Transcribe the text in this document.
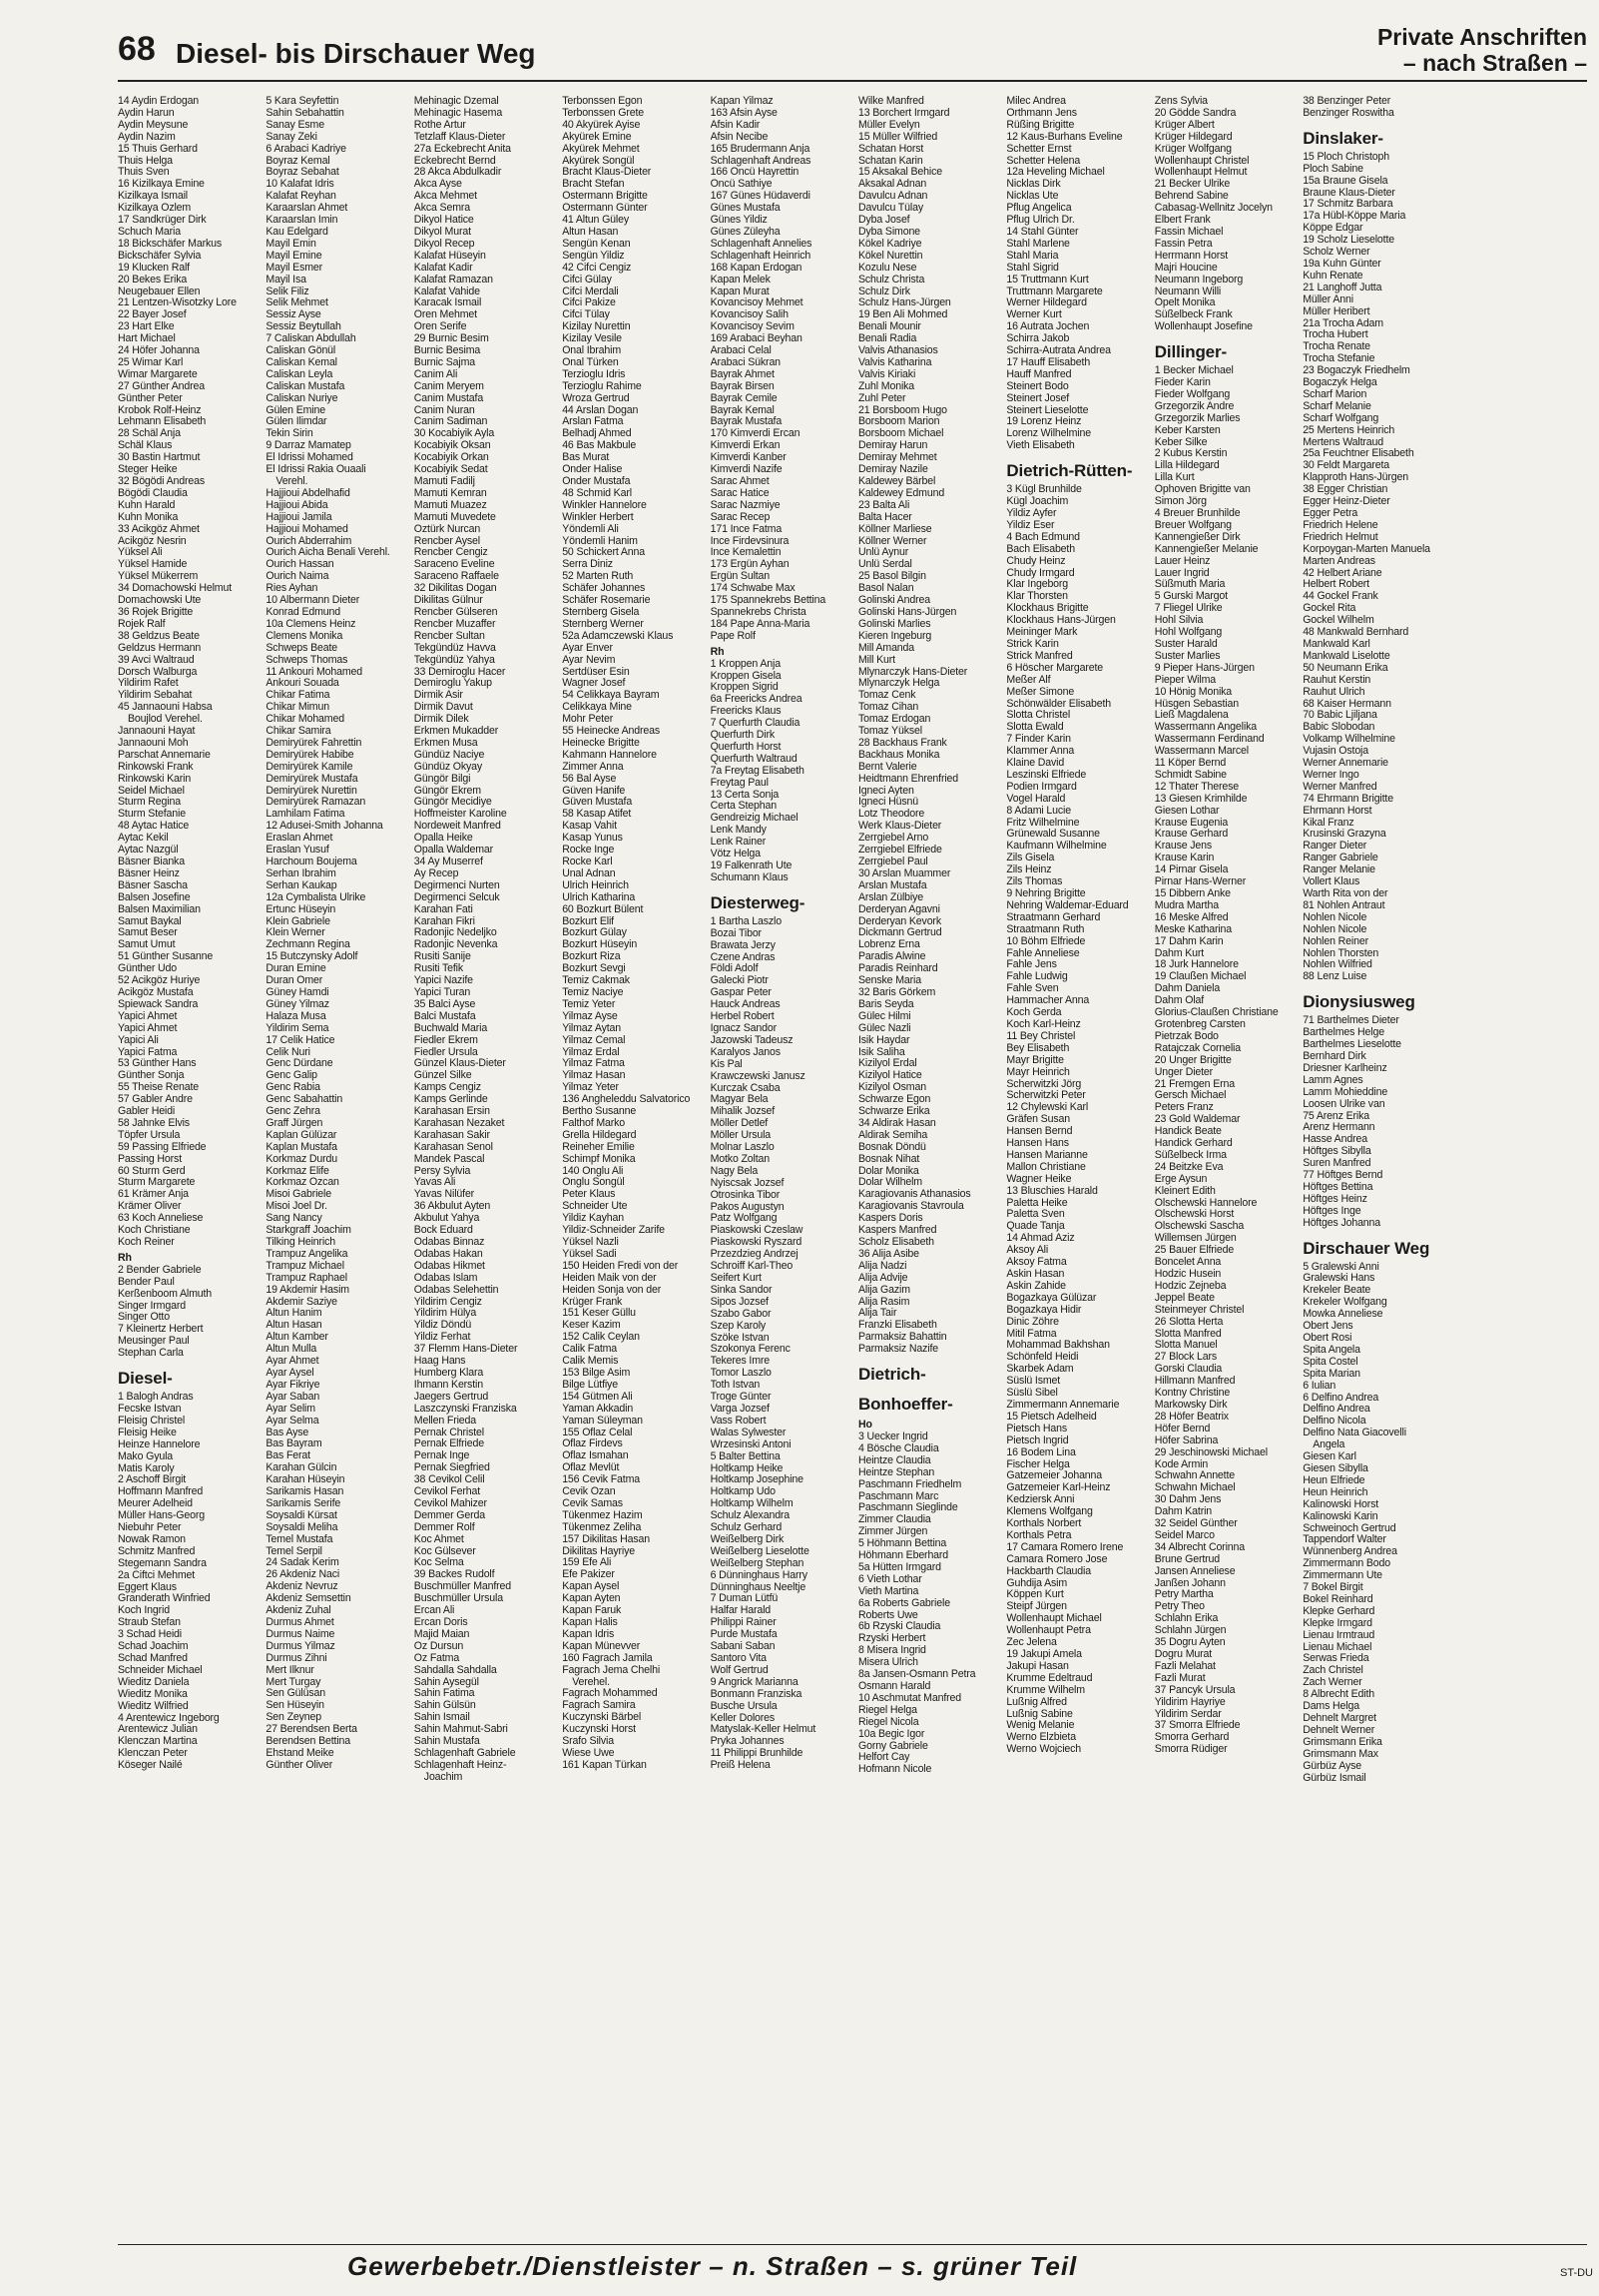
68 Diesel- bis Dirschauer Weg
Private Anschriften
– nach Straßen –
14 Aydin Erdogan
Aydin Harun
Aydin Meysune
Aydin Nazim
15 Thuis Gerhard
Thuis Helga
Thuis Sven
16 Kizilkaya Emine
Kizilkaya Ismail
Kizilkaya Özlem
17 Sandkrüger Dirk
Schuch Maria
18 Bickschäfer Markus
Bickschäfer Sylvia
19 Klucken Ralf
20 Bekes Erika
Neugebauer Ellen
21 Lentzen-Wisotzky Lore
22 Bayer Josef
23 Hart Elke
Hart Michael
24 Höfer Johanna
25 Wimar Karl
Wimar Margarete
27 Günther Andrea
Günther Peter
Krobok Rolf-Heinz
Lehmann Elisabeth
28 Schäl Anja
Schäl Klaus
30 Bastin Hartmut
Steger Heike
32 Bögödi Andreas
Bögödi Claudia
Kuhn Harald
Kuhn Monika
33 Acikgöz Ahmet
Acikgöz Nesrin
Yüksel Ali
Yüksel Hamide
Yüksel Mükerrem
34 Domachowski Helmut
Domachowski Ute
36 Rojek Brigitte
Rojek Ralf
38 Geldzus Beate
Geldzus Hermann
39 Avci Waltraud
Dorsch Walburga
Yildirim Rafet
Yildirim Sebahat
45 Jannaouni Habsa
Boujlod Verehel.
Jannaouni Hayat
Jannaouni Moh
Parschat Annemarie
Rinkowski Frank
Rinkowski Karin
Seidel Michael
Sturm Regina
Sturm Stefanie
48 Aytac Hatice
Aytac Kekil
Aytac Nazgül
Bäsner Bianka
Bäsner Heinz
Bäsner Sascha
Balsen Josefine
Balsen Maximilian
Samut Baykal
Samut Beser
Samut Umut
51 Günther Susanne
Günther Udo
52 Acikgöz Huriye
Acikgöz Mustafa
Spiewack Sandra
Yapici Ahmet
Yapici Ahmet
Yapici Ali
Yapici Fatma
53 Günther Hans
Günther Sonja
55 Theise Renate
57 Gabler Andre
Gabler Heidi
58 Jahnke Elvis
Töpfer Ursula
59 Passing Elfriede
Passing Horst
60 Sturm Gerd
Sturm Margarete
61 Krämer Anja
Krämer Oliver
63 Koch Anneliese
Koch Christiane
Koch Reiner
Rh
2 Bender Gabriele
Bender Paul
Kerßenboom Almuth
Singer Irmgard
Singer Otto
7 Kleinertz Herbert
Meusinger Paul
Stephan Carla
Diesel-
1 Balogh Andras
Fecske Istvan
Fleisig Christel
Fleisig Heike
Heinze Hannelore
Mako Gyula
Matis Karoly
2 Aschoff Birgit
Hoffmann Manfred
Meurer Adelheid
Müller Hans-Georg
Niebuhr Peter
Nowak Ramon
Schmitz Manfred
Stegemann Sandra
2a Ciftci Mehmet
Eggert Klaus
Granderath Winfried
Koch Ingrid
Straub Stefan
3 Schad Heidi
Schad Joachim
Schad Manfred
Schneider Michael
Wieditz Daniela
Wieditz Monika
Wieditz Wilfried
4 Arentewicz Ingeborg
Arentewicz Julian
Klenczan Martina
Klenczan Peter
Köseger Nailé
5 Kara Seyfettin
Sahin Sebahattin
Sanay Esme
Sanay Zeki
6 Arabaci Kadriye
Boyraz Kemal
Boyraz Sebahat
10 Kalafat Idris
Kalafat Reyhan
Karaarslan Ahmet
Karaarslan Imin
Kau Edelgard
Mayil Emin
Mayil Emine
Mayil Esmer
Mayil Isa
Selik Filiz
Selik Mehmet
Sessiz Ayse
Sessiz Beytullah
7 Caliskan Abdullah
Caliskan Gönül
Caliskan Kemal
Caliskan Leyla
Caliskan Mustafa
Caliskan Nuriye
Gülen Emine
Gülen Ilimdar
Tekin Sirin
9 Darraz Mamatep
El Idrissi Mohamed
El Idrissi Rakia Ouaali
Verehl.
Hajjioui Abdelhafid
Hajjioui Abida
Hajjioui Jamila
Hajjioui Mohamed
Ourich Abderrahim
Ourich Aicha Benali Verehl.
Ourich Hassan
Ourich Naima
Ries Ayhan
10 Albermann Dieter
Konrad Edmund
10a Clemens Heinz
Clemens Monika
Schweps Beate
Schweps Thomas
11 Ankouri Mohamed
Ankouri Souada
Chikar Fatima
Chikar Mimun
Chikar Mohamed
Chikar Samira
Demiryürek Fahrettin
Demiryürek Habibe
Demiryürek Kamile
Demiryürek Mustafa
Demiryürek Nurettin
Demiryürek Ramazan
Lamhilam Fatima
12 Adusei-Smith Johanna
Eraslan Ahmet
Eraslan Yusuf
Harchoum Boujema
Serhan Ibrahim
Serhan Kaukap
12a Cymbalista Ulrike
Ertunc Hüseyin
Klein Gabriele
Klein Werner
Zechmann Regina
15 Butczynsky Adolf
Duran Emine
Duran Ömer
Güney Hamdi
Güney Yilmaz
Halaza Musa
Yildirim Sema
17 Celik Hatice
Celik Nuri
Genc Dürdane
Genc Galip
Genc Rabia
Genc Sabahattin
Genc Zehra
Graff Jürgen
Kaplan Gülüzar
Kaplan Mustafa
Korkmaz Durdu
Korkmaz Elife
Korkmaz Özcan
Misoi Gabriele
Misoi Joel Dr.
Sang Nancy
Starkgraff Joachim
Tilking Heinrich
Trampuz Angelika
Trampuz Michael
Trampuz Raphael
19 Akdemir Hasim
Akdemir Saziye
Altun Hanim
Altun Hasan
Altun Kamber
Altun Mulla
Ayar Ahmet
Ayar Aysel
Ayar Fikriye
Ayar Saban
Ayar Selim
Ayar Selma
Bas Ayse
Bas Bayram
Bas Ferat
Karahan Gülcin
Karahan Hüseyin
Sarikamis Hasan
Sarikamis Serife
Soysaldi Kürsat
Soysaldi Meliha
Temel Mustafa
Temel Serpil
24 Sadak Kerim
26 Akdeniz Naci
Akdeniz Nevruz
Akdeniz Semsettin
Akdeniz Zuhal
Durmus Ahmet
Durmus Naime
Durmus Yilmaz
Durmus Zihni
Mert Ilknur
Mert Turgay
Sen Gülüsan
Sen Hüseyin
Sen Zeynep
27 Berendsen Berta
Berendsen Bettina
Ehstand Meike
Günther Oliver
Mehinagic Dzemal
Mehinagic Hasema
Rothe Artur
Tetzlaff Klaus-Dieter
27a Eckebrecht Anita
Eckebrecht Bernd
28 Akca Abdulkadir
Akca Ayse
Akca Mehmet
Akca Semra
Dikyol Hatice
Dikyol Murat
Dikyol Recep
Kalafat Hüseyin
Kalafat Kadir
Kalafat Ramazan
Kalafat Vahide
Karacak Ismail
Ören Mehmet
Ören Serife
29 Burnic Besim
Burnic Besima
Burnic Sajma
Canim Ali
Canim Meryem
Canim Mustafa
Canim Nuran
Canim Sadiman
30 Kocabiyik Ayla
Kocabiyik Öksan
Kocabiyik Orkan
Kocabiyik Sedat
Mamuti Fadilj
Mamuti Kemran
Mamuti Muazez
Mamuti Muvedete
Öztürk Nurcan
Rencber Aysel
Rencber Cengiz
Saraceno Eveline
Saraceno Raffaele
32 Dikilitas Dogan
Dikilitas Gülnur
Rencber Gülseren
Rencber Muzaffer
Rencber Sultan
Tekgündüz Havva
Tekgündüz Yahya
33 Demiroglu Hacer
Demiroglu Yakup
Dirmik Asir
Dirmik Davut
Dirmik Dilek
Erkmen Mukadder
Erkmen Musa
Gündüz Naciye
Gündüz Okyay
Güngör Bilgi
Güngör Ekrem
Güngör Mecidiye
Hoffmeister Karoline
Nordeweit Manfred
Opalla Heike
Opalla Waldemar
34 Ay Muserref
Ay Recep
Degirmenci Nurten
Degirmenci Selcuk
Karahan Fati
Karahan Fikri
Radonjic Nedeljko
Radonjic Nevenka
Rusiti Sanije
Rusiti Tefik
Yapici Nazife
Yapici Turan
35 Balci Ayse
Balci Mustafa
Buchwald Maria
Fiedler Ekrem
Fiedler Ursula
Günzel Klaus-Dieter
Günzel Silke
Kamps Cengiz
Kamps Gerlinde
Karahasan Ersin
Karahasan Nezaket
Karahasan Sakir
Karahasan Senol
Mandek Pascal
Persy Sylvia
Yavas Ali
Yavas Nilüfer
36 Akbulut Ayten
Akbulut Yahya
Bock Eduard
Odabas Binnaz
Odabas Hakan
Odabas Hikmet
Odabas Islam
Odabas Selehettin
Yildirim Cengiz
Yildirim Hülya
Yildiz Döndü
Yildiz Ferhat
37 Flemm Hans-Dieter
Haag Hans
Humberg Klara
Ihmann Kerstin
Jaegers Gertrud
Laszczynski Franziska
Mellen Frieda
Pernak Christel
Pernak Elfriede
Pernak Inge
Pernak Siegfried
38 Cevikol Celil
Cevikol Ferhat
Cevikol Mahizer
Demmer Gerda
Demmer Rolf
Koc Ahmet
Koc Gülsever
Koc Selma
39 Backes Rudolf
Buschmüller Manfred
Buschmüller Ursula
Ercan Ali
Ercan Doris
Majid Maian
Öz Dursun
Öz Fatma
Sahdalla Sahdalla
Sahin Aysegül
Sahin Fatima
Sahin Gülsün
Sahin Ismail
Sahin Mahmut-Sabri
Sahin Mustafa
Schlagenhaft Gabriele
Schlagenhaft Heinz-
Joachim
Terbonssen Egon
Terbonssen Grete
40 Akyürek Ayise
Akyürek Emine
Akyürek Mehmet
Akyürek Songül
Bracht Klaus-Dieter
Bracht Stefan
Ostermann Brigitte
Ostermann Günter
41 Altun Güley
Altun Hasan
Sengün Kenan
Sengün Yildiz
42 Cifci Cengiz
Cifci Gülay
Cifci Merdali
Cifci Pakize
Cifci Tülay
Kizilay Nurettin
Kizilay Vesile
Önal Ibrahim
Önal Türken
Terzioglu Idris
Terzioglu Rahime
Wroza Gertrud
44 Arslan Dogan
Arslan Fatma
Belhadj Ahmed
46 Bas Makbule
Bas Murat
Önder Halise
Önder Mustafa
48 Schmid Karl
Winkler Hannelore
Winkler Herbert
Yöndemli Ali
Yöndemli Hanim
50 Schickert Anna
Serra Diniz
52 Marten Ruth
Schäfer Johannes
Schäfer Rosemarie
Sternberg Gisela
Sternberg Werner
52a Adamczewski Klaus
Ayar Enver
Ayar Nevim
Sertdüser Esin
Wagner Josef
54 Celikkaya Bayram
Celikkaya Mine
Mohr Peter
55 Heinecke Andreas
Heinecke Brigitte
Kahmann Hannelore
Zimmer Anna
56 Bal Ayse
Güven Hanife
Güven Mustafa
58 Kasap Atifet
Kasap Vahit
Kasap Yunus
Rocke Inge
Rocke Karl
Ünal Adnan
Ulrich Heinrich
Ulrich Katharina
60 Bozkurt Bülent
Bozkurt Elif
Bozkurt Gülay
Bozkurt Hüseyin
Bozkurt Riza
Bozkurt Sevgi
Temiz Cakmak
Temiz Naciye
Temiz Yeter
Yilmaz Ayse
Yilmaz Aytan
Yilmaz Cemal
Yilmaz Erdal
Yilmaz Fatma
Yilmaz Hasan
Yilmaz Yeter
136 Angheleddu Salvatorico
Bertho Susanne
Falthof Marko
Grella Hildegard
Reineher Emilie
Schimpf Monika
140 Onglu Ali
Onglu Songül
Peter Klaus
Schneider Ute
Yildiz Kayhan
Yildiz-Schneider Zarife
Yüksel Nazli
Yüksel Sadi
150 Heiden Fredi von der
Heiden Maik von der
Heiden Sonja von der
Krüger Frank
151 Keser Güllu
Keser Kazim
152 Calik Ceylan
Calik Fatma
Calik Memis
153 Bilge Asim
Bilge Lütfiye
154 Gütmen Ali
Yaman Akkadin
Yaman Süleyman
155 Oflaz Celal
Oflaz Firdevs
Oflaz Ismahan
Oflaz Mevlüt
156 Cevik Fatma
Cevik Ozan
Cevik Samas
Tükenmez Hazim
Tükenmez Zeliha
157 Dikilitas Hasan
Dikilitas Hayriye
159 Efe Ali
Efe Pakizer
Kapan Aysel
Kapan Ayten
Kapan Faruk
Kapan Halis
Kapan Idris
Kapan Münevver
160 Fagrach Jamila
Fagrach Jema Chelhi
Verehel.
Fagrach Mohammed
Fagrach Samira
Kuczynski Bärbel
Kuczynski Horst
Srafo Silvia
Wiese Uwe
161 Kapan Türkan
Kapan Yilmaz
163 Afsin Ayse
Afsin Kadir
Afsin Necibe
165 Brudermann Anja
Schlagenhaft Andreas
166 Öncü Hayrettin
Öncü Sathiye
167 Günes Hüdaverdi
Günes Mustafa
Günes Yildiz
Günes Züleyha
Schlagenhaft Annelies
Schlagenhaft Heinrich
168 Kapan Erdogan
Kapan Melek
Kapan Murat
Kovancisoy Mehmet
Kovancisoy Salih
Kovancisoy Sevim
169 Arabaci Beyhan
Arabaci Celal
Arabaci Sükran
Bayrak Ahmet
Bayrak Birsen
Bayrak Cemile
Bayrak Kemal
Bayrak Mustafa
170 Kimverdi Ercan
Kimverdi Erkan
Kimverdi Kanber
Kimverdi Nazife
Sarac Ahmet
Sarac Hatice
Sarac Nazmiye
Sarac Recep
171 Ince Fatma
Ince Firdevsinura
Ince Kemalettin
173 Ergün Ayhan
Ergün Sultan
174 Schwabe Max
175 Spannekrebs Bettina
Spannekrebs Christa
184 Pape Anna-Maria
Pape Rolf
Rh
1 Kroppen Anja
Kroppen Gisela
Kroppen Sigrid
6a Freericks Andrea
Freericks Klaus
7 Querfurth Claudia
Querfurth Dirk
Querfurth Horst
Querfurth Waltraud
7a Freytag Elisabeth
Freytag Paul
13 Certa Sonja
Certa Stephan
Gendreizig Michael
Lenk Mandy
Lenk Rainer
Vötz Helga
19 Falkenrath Ute
Schumann Klaus
Diesterweg-
1 Bartha Laszlo
Bozai Tibor
Brawata Jerzy
Czene Andras
Földi Adolf
Galecki Piotr
Gaspar Peter
Hauck Andreas
Herbel Robert
Ignacz Sandor
Jazowski Tadeusz
Karalyos Janos
Kis Pal
Krawczewski Janusz
Kurczak Csaba
Magyar Bela
Mihalik Jozsef
Möller Detlef
Möller Ursula
Molnar Laszlo
Motko Zoltan
Nagy Bela
Nyiscsak Jozsef
Otrosinka Tibor
Pakos Augustyn
Patz Wolfgang
Piaskowski Czeslaw
Piaskowski Ryszard
Przezdzieg Andrzej
Schroiff Karl-Theo
Seifert Kurt
Sinka Sandor
Sipos Jozsef
Szabo Gabor
Szep Karoly
Szöke Istvan
Szokonya Ferenc
Tekeres Imre
Tomor Laszlo
Toth Istvan
Troge Günter
Varga Jozsef
Vass Robert
Walas Sylwester
Wrzesinski Antoni
5 Balter Bettina
Holtkamp Heike
Holtkamp Josephine
Holtkamp Udo
Holtkamp Wilhelm
Schulz Alexandra
Schulz Gerhard
Weißelberg Dirk
Weißelberg Lieselotte
Weißelberg Stephan
6 Dünninghaus Harry
Dünninghaus Neeltje
7 Duman Lütfü
Halfar Harald
Philippi Rainer
Purde Mustafa
Sabani Saban
Santoro Vita
Wolf Gertrud
9 Angrick Marianna
Bonmann Franziska
Busche Ursula
Keller Dolores
Matyslak-Keller Helmut
Pryka Johannes
11 Philippi Brunhilde
Preiß Helena
Wilke Manfred
13 Borchert Irmgard
Müller Evelyn
15 Müller Wilfried
Schatan Horst
Schatan Karin
15 Aksakal Behice
Aksakal Adnan
Davulcu Adnan
Davulcu Tülay
Dyba Josef
Dyba Simone
Kökel Kadriye
Kökel Nurettin
Kozulu Nese
Schulz Christa
Schulz Dirk
Schulz Hans-Jürgen
19 Ben Ali Mohmed
Benali Mounir
Benali Radia
Valvis Athanasios
Valvis Katharina
Valvis Kiriaki
Zuhl Monika
Zuhl Peter
21 Borsboom Hugo
Borsboom Marion
Borsboom Michael
Demiray Harun
Demiray Mehmet
Demiray Nazile
Kaldewey Bärbel
Kaldewey Edmund
23 Balta Ali
Balta Hacer
Köllner Marliese
Köllner Werner
Ünlü Aynur
Ünlü Serdal
25 Basol Bilgin
Basol Nalan
Golinski Andrea
Golinski Hans-Jürgen
Golinski Marlies
Kieren Ingeburg
Mill Amanda
Mill Kurt
Mlynarczyk Hans-Dieter
Mlynarczyk Helga
Tomaz Cenk
Tomaz Cihan
Tomaz Erdogan
Tomaz Yüksel
28 Backhaus Frank
Backhaus Monika
Bernt Valerie
Heidtmann Ehrenfried
Igneci Ayten
Igneci Hüsnü
Lotz Theodore
Werk Klaus-Dieter
Zerrgiebel Arno
Zerrgiebel Elfriede
Zerrgiebel Paul
30 Arslan Muammer
Arslan Mustafa
Arslan Zülbiye
Derderyan Agavni
Derderyan Kevork
Dickmann Gertrud
Lobrenz Erna
Paradis Alwine
Paradis Reinhard
Senske Maria
32 Baris Görkem
Baris Seyda
Gülec Hilmi
Gülec Nazli
Isik Haydar
Isik Saliha
Kizilyol Erdal
Kizilyol Hatice
Kizilyol Osman
Schwarze Egon
Schwarze Erika
34 Aldirak Hasan
Aldirak Semiha
Bosnak Döndü
Bosnak Nihat
Dolar Monika
Dolar Wilhelm
Karagiovanis Athanasios
Karagiovanis Stavroula
Kaspers Doris
Kaspers Manfred
Scholz Elisabeth
36 Alija Asibe
Alija Nadzi
Alija Advije
Alija Gazim
Alija Rasim
Alija Tair
Franzki Elisabeth
Parmaksiz Bahattin
Parmaksiz Nazife
Dietrich-
Bonhoeffer-
Ho
3 Uecker Ingrid
4 Bösche Claudia
Heintze Claudia
Heintze Stephan
Paschmann Friedhelm
Paschmann Marc
Paschmann Sieglinde
Zimmer Claudia
Zimmer Jürgen
5 Höhmann Bettina
Höhmann Eberhard
5a Hütten Irmgard
6 Vieth Lothar
Vieth Martina
6a Roberts Gabriele
Roberts Uwe
6b Rzyski Claudia
Rzyski Herbert
8 Misera Ingrid
Misera Ulrich
8a Jansen-Osmann Petra
Osmann Harald
10 Aschmutat Manfred
Riegel Helga
Riegel Nicola
10a Begic Igor
Gorny Gabriele
Helfort Cay
Hofmann Nicole
Milec Andrea
Orthmann Jens
Rüßing Brigitte
12 Kaus-Burhans Eveline
Schetter Ernst
Schetter Helena
12a Heveling Michael
Nicklas Dirk
Nicklas Ute
Pflug Angelica
Pflug Ulrich Dr.
14 Stahl Günter
Stahl Marlene
Stahl Maria
Stahl Sigrid
15 Truttmann Kurt
Truttmann Margarete
Werner Hildegard
Werner Kurt
16 Autrata Jochen
Schirra Jakob
Schirra-Autrata Andrea
17 Hauff Elisabeth
Hauff Manfred
Steinert Bodo
Steinert Josef
Steinert Lieselotte
19 Lorenz Heinz
Lorenz Wilhelmine
Vieth Elisabeth
Dietrich-Rütten-
3 Kügl Brunhilde
Kügl Joachim
Yildiz Ayfer
Yildiz Eser
4 Bach Edmund
Bach Elisabeth
Chudy Heinz
Chudy Irmgard
Klar Ingeborg
Klar Thorsten
Klockhaus Brigitte
Klockhaus Hans-Jürgen
Meininger Mark
Strick Karin
Strick Manfred
6 Höscher Margarete
Meßer Alf
Meßer Simone
Schönwälder Elisabeth
Slotta Christel
Slotta Ewald
7 Finder Karin
Klammer Anna
Klaine David
Leszinski Elfriede
Podien Irmgard
Vogel Harald
8 Adami Lucie
Fritz Wilhelmine
Grünewald Susanne
Kaufmann Wilhelmine
Zils Gisela
Zils Heinz
Zils Thomas
9 Nehring Brigitte
Nehring Waldemar-Eduard
Straatmann Gerhard
Straatmann Ruth
10 Böhm Elfriede
Fahle Anneliese
Fahle Jens
Fahle Ludwig
Fahle Sven
Hammacher Anna
Koch Gerda
Koch Karl-Heinz
11 Bey Christel
Bey Elisabeth
Mayr Brigitte
Mayr Heinrich
Scherwitzki Jörg
Scherwitzki Peter
12 Chylewski Karl
Gräfen Susan
Hansen Bernd
Hansen Hans
Hansen Marianne
Mallon Christiane
Wagner Heike
13 Bluschies Harald
Paletta Heike
Paletta Sven
Quade Tanja
14 Ahmad Aziz
Aksoy Ali
Aksoy Fatma
Askin Hasan
Askin Zahide
Bogazkaya Gülüzar
Bogazkaya Hidir
Dinic Zöhre
Mitil Fatma
Mohammad Bakhshan
Schönfeld Heidi
Skarbek Adam
Süslü Ismet
Süslü Sibel
Zimmermann Annemarie
15 Pietsch Adelheid
Pietsch Hans
Pietsch Ingrid
16 Bodem Lina
Fischer Helga
Gatzemeier Johanna
Gatzemeier Karl-Heinz
Kedziersk Anni
Klemens Wolfgang
Korthals Norbert
Korthals Petra
17 Camara Romero Irene
Camara Romero Jose
Hackbarth Claudia
Guhdija Asim
Köppen Kurt
Steipf Jürgen
Wollenhaupt Michael
Wollenhaupt Petra
Zec Jelena
19 Jakupi Amela
Jakupi Hasan
Krumme Edeltraud
Krumme Wilhelm
Lußnig Alfred
Lußnig Sabine
Wenig Melanie
Werno Elzbieta
Werno Wojciech
Zens Sylvia
20 Gödde Sandra
Krüger Albert
Krüger Hildegard
Krüger Wolfgang
Wollenhaupt Christel
Wollenhaupt Helmut
21 Becker Ulrike
Behrend Sabine
Cabasag-Wellnitz Jocelyn
Elbert Frank
Fassin Michael
Fassin Petra
Herrmann Horst
Majri Houcine
Neumann Ingeborg
Neumann Willi
Opelt Monika
Süßelbeck Frank
Wollenhaupt Josefine
Dillinger-
1 Becker Michael
Fieder Karin
Fieder Wolfgang
Grzegorzik Andre
Grzegorzik Marlies
Keber Karsten
Keber Silke
2 Kubus Kerstin
Lilla Hildegard
Lilla Kurt
Ophoven Brigitte van
Simon Jörg
4 Breuer Brunhilde
Breuer Wolfgang
Kannengießer Dirk
Kannengießer Melanie
Lauer Heinz
Lauer Ingrid
Süßmuth Maria
5 Gurski Margot
7 Fliegel Ulrike
Hohl Silvia
Hohl Wolfgang
Suster Harald
Suster Marlies
9 Pieper Hans-Jürgen
Pieper Wilma
10 Hönig Monika
Hüsgen Sebastian
Ließ Magdalena
Wassermann Angelika
Wassermann Ferdinand
Wassermann Marcel
11 Köper Bernd
Schmidt Sabine
12 Thater Therese
13 Giesen Krimhilde
Giesen Lothar
Krause Eugenia
Krause Gerhard
Krause Jens
Krause Karin
14 Pirnar Gisela
Pirnar Hans-Werner
15 Dibbern Anke
Mudra Martha
16 Meske Alfred
Meske Katharina
17 Dahm Karin
Dahm Kurt
18 Jurk Hannelore
19 Claußen Michael
Dahm Daniela
Dahm Olaf
Glorius-Claußen Christiane
Grotenbreg Carsten
Pietrzak Bodo
Ratajczak Cornelia
20 Unger Brigitte
Unger Dieter
21 Fremgen Erna
Gersch Michael
Peters Franz
23 Gold Waldemar
Handick Beate
Handick Gerhard
Süßelbeck Irma
24 Beitzke Eva
Erge Aysun
Kleinert Edith
Olschewski Hannelore
Olschewski Horst
Olschewski Sascha
Willemsen Jürgen
25 Bauer Elfriede
Boncelet Anna
Hodzic Husein
Hodzic Zejneba
Jeppel Beate
Steinmeyer Christel
26 Slotta Herta
Slotta Manfred
Slotta Manuel
27 Block Lars
Gorski Claudia
Hillmann Manfred
Kontny Christine
Markowsky Dirk
28 Höfer Beatrix
Höfer Bernd
Höfer Sabrina
29 Jeschinowski Michael
Kode Armin
Schwahn Annette
Schwahn Michael
30 Dahm Jens
Dahm Katrin
32 Seidel Günther
Seidel Marco
34 Albrecht Corinna
Brune Gertrud
Jansen Anneliese
Janßen Johann
Petry Martha
Petry Theo
Schlahn Erika
Schlahn Jürgen
35 Dogru Ayten
Dogru Murat
Fazli Melahat
Fazli Murat
37 Pancyk Ursula
Yildirim Hayriye
Yildirim Serdar
37 Smorra Elfriede
Smorra Gerhard
Smorra Rüdiger
38 Benzinger Peter
Benzinger Roswitha
Dinslaker-
15 Ploch Christoph
Ploch Sabine
15a Braune Gisela
Braune Klaus-Dieter
17 Schmitz Barbara
17a Hübl-Köppe Maria
Köppe Edgar
19 Scholz Lieselotte
Scholz Werner
19a Kuhn Günter
Kuhn Renate
21 Langhoff Jutta
Müller Anni
Müller Heribert
21a Trocha Adam
Trocha Hubert
Trocha Renate
Trocha Stefanie
23 Bogaczyk Friedhelm
Bogaczyk Helga
Scharf Marion
Scharf Melanie
Scharf Wolfgang
25 Mertens Heinrich
Mertens Waltraud
25a Feuchtner Elisabeth
30 Feldt Margareta
Klapproth Hans-Jürgen
38 Egger Christian
Egger Heinz-Dieter
Egger Petra
Friedrich Helene
Friedrich Helmut
Korpoygan-Marten Manuela
Marten Andreas
42 Helbert Ariane
Helbert Robert
44 Gockel Frank
Gockel Rita
Gockel Wilhelm
48 Mankwald Bernhard
Mankwald Karl
Mankwald Liselotte
50 Neumann Erika
Rauhut Kerstin
Rauhut Ulrich
68 Kaiser Hermann
70 Babic Ljiljana
Babic Slobodan
Volkamp Wilhelmine
Vujasin Ostoja
Werner Annemarie
Werner Ingo
Werner Manfred
74 Ehrmann Brigitte
Ehrmann Horst
Kikal Franz
Krusinski Grazyna
Ranger Dieter
Ranger Gabriele
Ranger Melanie
Vollert Klaus
Warth Rita von der
81 Nohlen Antraut
Nohlen Nicole
Nohlen Nicole
Nohlen Reiner
Nohlen Thorsten
Nohlen Wilfried
88 Lenz Luise
Dionysiusweg
71 Barthelmes Dieter
Barthelmes Helge
Barthelmes Lieselotte
Bernhard Dirk
Driesner Karlheinz
Lamm Agnes
Lamm Mohieddine
Loosen Ulrike van
75 Arenz Erika
Arenz Hermann
Hasse Andrea
Höftges Sibylla
Suren Manfred
77 Höftges Bernd
Höftges Bettina
Höftges Heinz
Höftges Inge
Höftges Johanna
Dirschauer Weg
5 Gralewski Anni
Gralewski Hans
Krekeler Beate
Krekeler Wolfgang
Mowka Anneliese
Obert Jens
Obert Rosi
Spita Angela
Spita Costel
Spita Marian
6 Iulian
6 Delfino Andrea
Delfino Andrea
Delfino Nicola
Delfino Nata Giacovelli
Angela
Giesen Karl
Giesen Sibylla
Heun Elfriede
Heun Heinrich
Kalinowski Horst
Kalinowski Karin
Schweinoch Gertrud
Tappendorf Walter
Wünnenberg Andrea
Zimmermann Bodo
Zimmermann Ute
7 Bokel Birgit
Bokel Reinhard
Klepke Gerhard
Klepke Irmgard
Lienau Irmtraud
Lienau Michael
Serwas Frieda
Zach Christel
Zach Werner
8 Albrecht Edith
Dams Helga
Dehnelt Margret
Dehnelt Werner
Grimsmann Erika
Grimsmann Max
Gürbüz Ayse
Gürbüz Ismail
Gewerbebetr./Dienstleister – n. Straßen – s. grüner Teil	ST-DU
